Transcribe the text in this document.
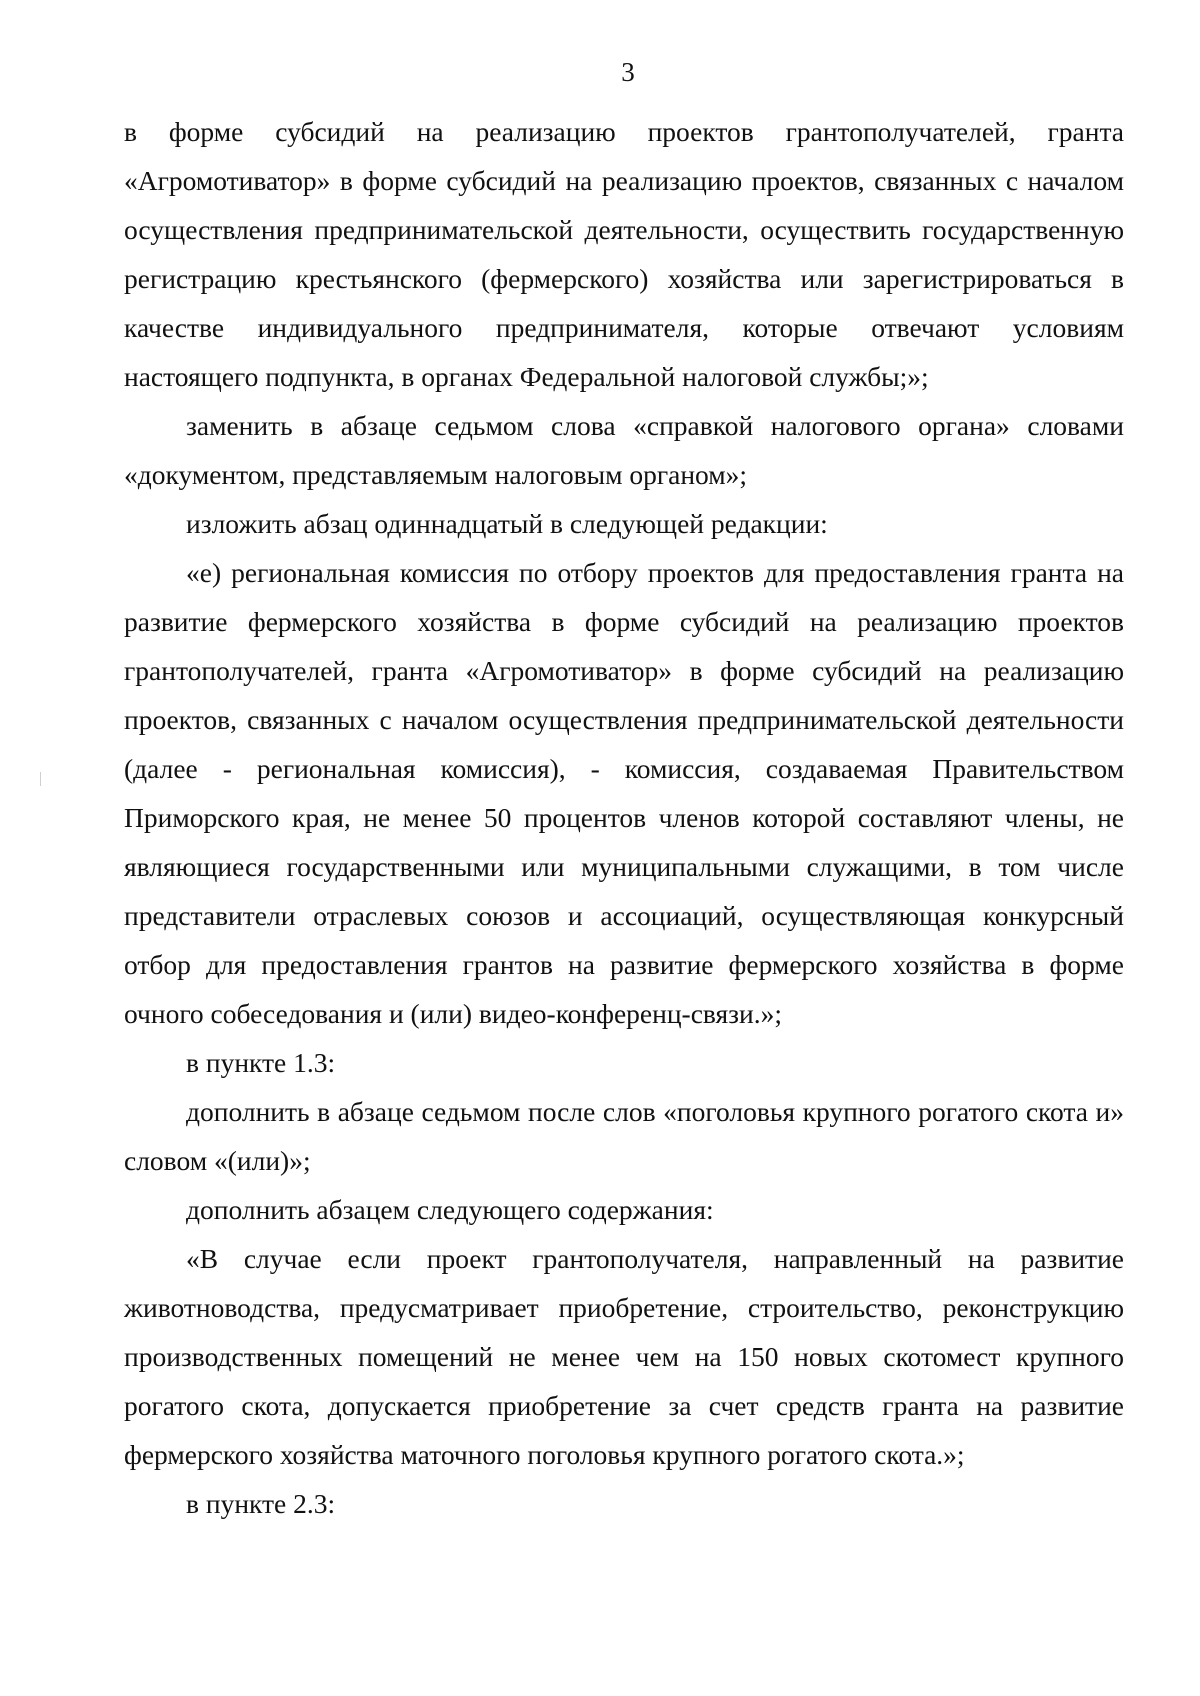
3

в форме субсидий на реализацию проектов грантополучателей, гранта «Агромотиватор» в форме субсидий на реализацию проектов, связанных с началом осуществления предпринимательской деятельности, осуществить государственную регистрацию крестьянского (фермерского) хозяйства или зарегистрироваться в качестве индивидуального предпринимателя, которые отвечают условиям настоящего подпункта, в органах Федеральной налоговой службы;»;

заменить в абзаце седьмом слова «справкой налогового органа» словами «документом, представляемым налоговым органом»;

изложить абзац одиннадцатый в следующей редакции:

«е) региональная комиссия по отбору проектов для предоставления гранта на развитие фермерского хозяйства в форме субсидий на реализацию проектов грантополучателей, гранта «Агромотиватор» в форме субсидий на реализацию проектов, связанных с началом осуществления предпринимательской деятельности (далее - региональная комиссия), - комиссия, создаваемая Правительством Приморского края, не менее 50 процентов членов которой составляют члены, не являющиеся государственными или муниципальными служащими, в том числе представители отраслевых союзов и ассоциаций, осуществляющая конкурсный отбор для предоставления грантов на развитие фермерского хозяйства в форме очного собеседования и (или) видео-конференц-связи.»;

в пункте 1.3:

дополнить в абзаце седьмом после слов «поголовья крупного рогатого скота и» словом «(или)»;

дополнить абзацем следующего содержания:

«В случае если проект грантополучателя, направленный на развитие животноводства, предусматривает приобретение, строительство, реконструкцию производственных помещений не менее чем на 150 новых скотомест крупного рогатого скота, допускается приобретение за счет средств гранта на развитие фермерского хозяйства маточного поголовья крупного рогатого скота.»;

в пункте 2.3:
